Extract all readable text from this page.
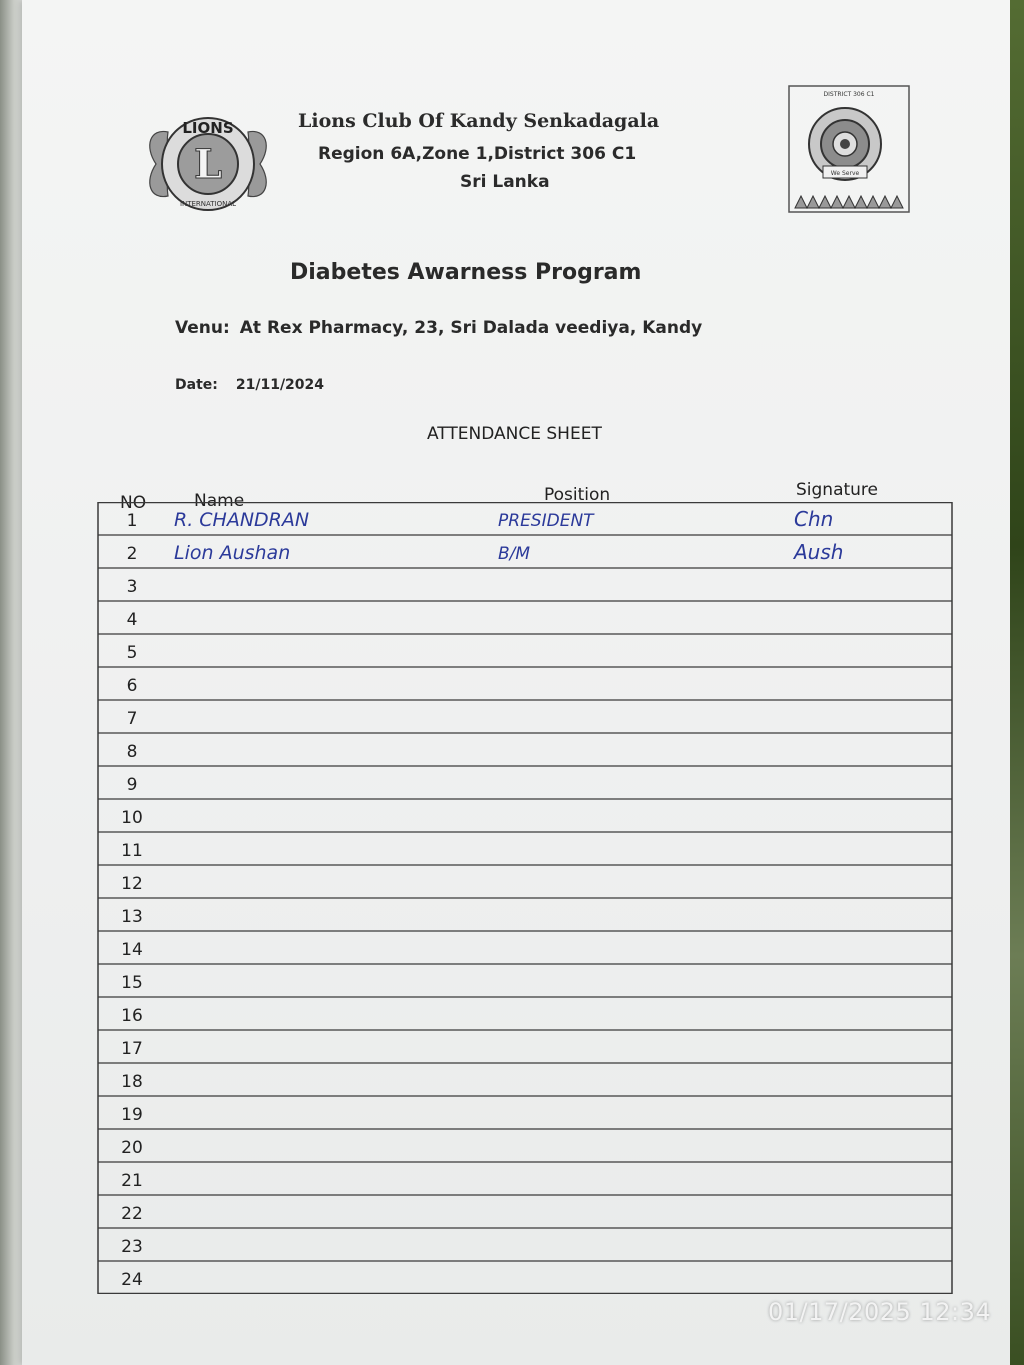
L
LIONS
INTERNATIONAL
DISTRICT 306 C1
We Serve
Lions Club Of Kandy Senkadagala
Region 6A,Zone 1,District 306 C1
Sri Lanka
Diabetes Awarness Program
Venu: At Rex Pharmacy, 23, Sri Dalada veediya, Kandy
Date: 21/11/2024
ATTENDANCE SHEET
NO	Name	Position	Signature
1 R. CHANDRAN	PRESIDENT	Chn
2 Lion Aushan	B/M	Aush
3
4
5
6
7
8
9
10
11
12
13
14
15
16
17
18
19
20
21
22
23
24
01/17/2025 12:34
